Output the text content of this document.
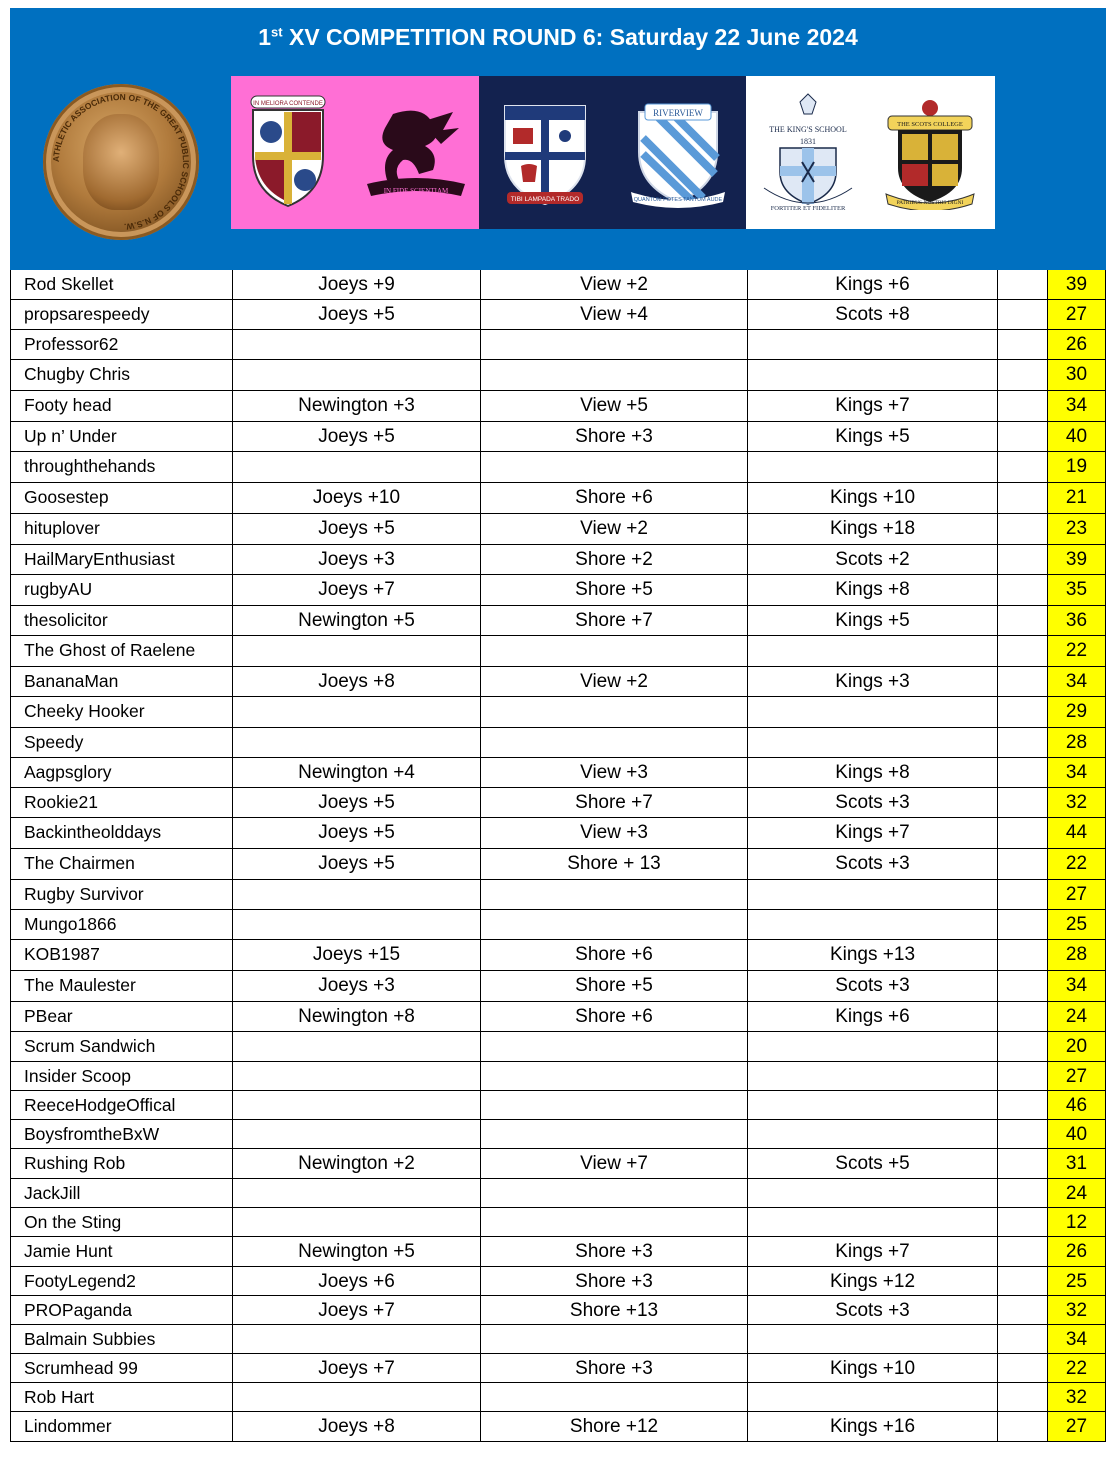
1st XV COMPETITION ROUND 6: Saturday 22 June 2024
ATHLETIC ASSOCIATION OF THE GREAT PUBLIC SCHOOLS OF N.S.W.
IN MELIORA CONTENDE
IN FIDE SCIENTIAM
TIBI LAMPADA TRADO
RIVERVIEW
QUANTUM POTES TANTUM AUDE
THE KING'S SCHOOL
1831
FORTITER ET FIDELITER
THE SCOTS COLLEGE
PATRIBUS NOSTRIS DIGNI
Rod Skellet	Joeys +9	View +2	Kings +6	39
propsarespeedy	Joeys +5	View +4	Scots +8	27
Professor62	26
Chugby Chris	30
Footy head	Newington +3	View +5	Kings +7	34
Up n’ Under	Joeys +5	Shore +3	Kings +5	40
throughthehands	19
Goosestep	Joeys +10	Shore +6	Kings +10	21
hituplover	Joeys +5	View +2	Kings +18	23
HailMaryEnthusiast	Joeys +3	Shore +2	Scots +2	39
rugbyAU	Joeys +7	Shore +5	Kings +8	35
thesolicitor	Newington +5	Shore +7	Kings +5	36
The Ghost of Raelene	22
BananaMan	Joeys +8	View +2	Kings +3	34
Cheeky Hooker	29
Speedy	28
Aagpsglory	Newington +4	View +3	Kings +8	34
Rookie21	Joeys +5	Shore +7	Scots +3	32
Backintheolddays	Joeys +5	View +3	Kings +7	44
The Chairmen	Joeys +5	Shore + 13	Scots +3	22
Rugby Survivor	27
Mungo1866	25
KOB1987	Joeys +15	Shore +6	Kings +13	28
The Maulester	Joeys +3	Shore +5	Scots +3	34
PBear	Newington +8	Shore +6	Kings +6	24
Scrum Sandwich	20
Insider Scoop	27
ReeceHodgeOffical	46
BoysfromtheBxW	40
Rushing Rob	Newington +2	View +7	Scots +5	31
JackJill	24
On the Sting	12
Jamie Hunt	Newington +5	Shore +3	Kings +7	26
FootyLegend2	Joeys +6	Shore +3	Kings +12	25
PROPaganda	Joeys +7	Shore +13	Scots +3	32
Balmain Subbies	34
Scrumhead 99	Joeys +7	Shore +3	Kings +10	22
Rob Hart	32
Lindommer	Joeys +8	Shore +12	Kings +16	27
